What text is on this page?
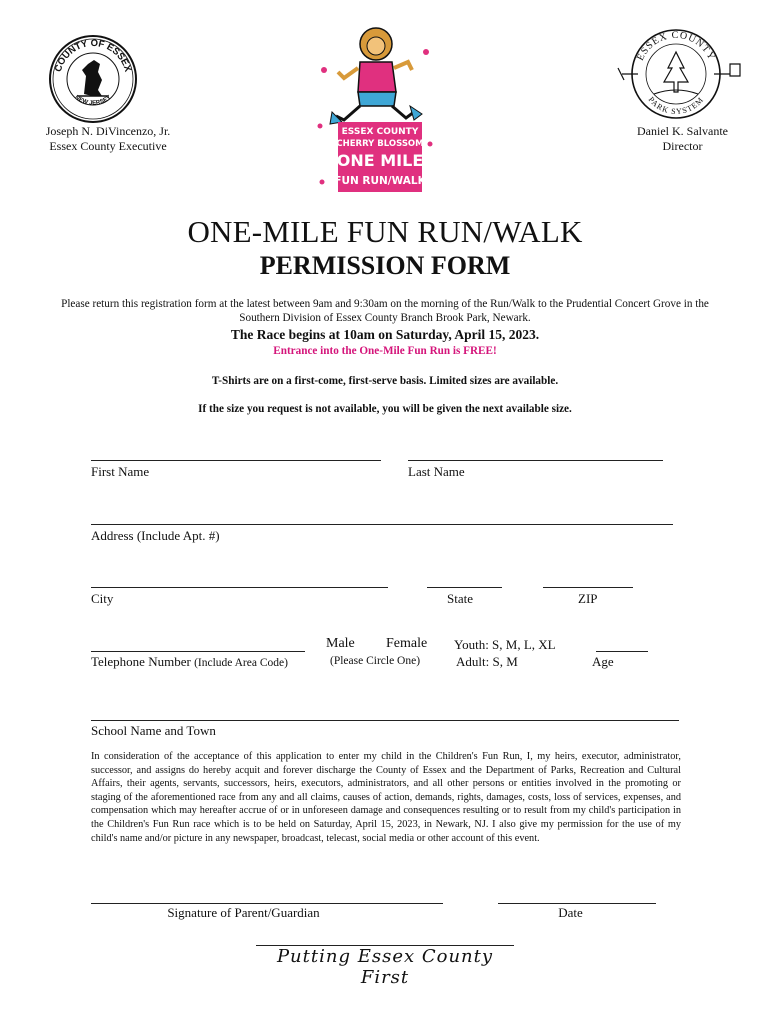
COUNTY OF ESSEX
NEW JERSEY
ESSEX COUNTY
PARK SYSTEM
Joseph N. DiVincenzo, Jr.
Essex County Executive
Daniel K. Salvante
Director
ESSEX COUNTY
CHERRY BLOSSOM
ONE MILE
FUN RUN/WALK
ONE-MILE FUN RUN/WALK
PERMISSION FORM
Please return this registration form at the latest between 9am and 9:30am on the morning of the Run/Walk to the Prudential Concert Grove in the Southern Division of Essex County Branch Brook Park, Newark.
The Race begins at 10am on Saturday, April 15, 2023.
Entrance into the One-Mile Fun Run is FREE!
T-Shirts are on a first-come, first-serve basis. Limited sizes are available.
If the size you request is not available, you will be given the next available size.
First Name	Last Name
Address (Include Apt. #)
City	State	ZIP
Telephone Number (Include Area Code)
Male Female
(Please Circle One)
Youth: S, M, L, XL
Adult: S, M	Age
School Name and Town
In consideration of the acceptance of this application to enter my child in the Children's Fun Run, I, my heirs, executor, administrator, successor, and assigns do hereby acquit and forever discharge the County of Essex and the Department of Parks, Recreation and Cultural Affairs, their agents, servants, successors, heirs, executors, administrators, and all other persons or entities involved in the promoting or staging of the aforementioned race from any and all claims, causes of action, demands, rights, damages, costs, loss of services, expenses, and compensation which may hereafter accrue of or in unforeseen damage and consequences resulting or to result from my child's participation in the Children's Fun Run race which is to be held on Saturday, April 15, 2023, in Newark, NJ. I also give my permission for the use of my child's name and/or picture in any newspaper, broadcast, telecast, social media or other account of this event.
Signature of Parent/Guardian	Date
Putting Essex County First
